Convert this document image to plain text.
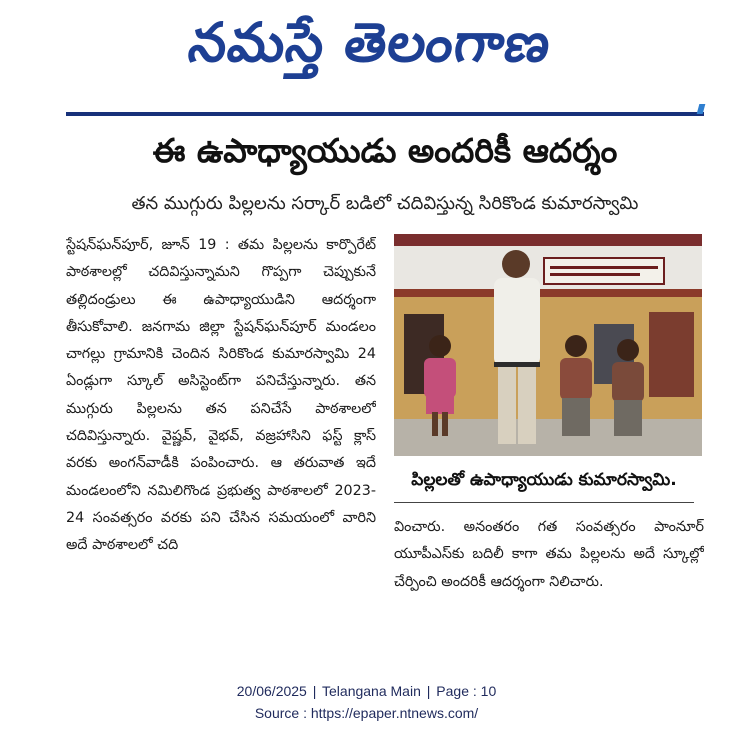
నమస్తే తెలంగాణ
ఈ ఉపాధ్యాయుడు అందరికీ ఆదర్శం
తన ముగ్గురు పిల్లలను సర్కార్ బడిలో చదివిస్తున్న సిరికొండ కుమారస్వామి

స్టేషన్‌ఘన్‌పూర్, జూన్ 19 : తమ పిల్లలను కార్పొరేట్ పాఠశాలల్లో చదివిస్తున్నామని గొప్పగా చెప్పుకునే తల్లిదండ్రులు ఈ ఉపాధ్యాయుడిని ఆదర్శంగా తీసుకోవాలి. జనగామ జిల్లా స్టేషన్‌ఘన్‌పూర్ మండలం చాగల్లు గ్రామానికి చెందిన సిరికొండ కుమారస్వామి 24 ఏండ్లుగా స్కూల్ అసిస్టెంట్‌గా పనిచేస్తున్నారు. తన ముగ్గురు పిల్లలను తన పనిచేసే పాఠశాలలో చదివిస్తున్నారు. వైష్ణవ్, వైభవ్, వజ్రహాసిని ఫస్ట్ క్లాస్ వరకు అంగన్‌వాడీకి పంపించారు. ఆ తరువాత ఇదే మండలంలోని నమిలిగొండ ప్రభుత్వ పాఠశాలలో 2023-24 సంవత్సరం వరకు పని చేసిన సమయంలో వారిని అదే పాఠశాలలో చది

పిల్లలతో ఉపాధ్యాయుడు కుమారస్వామి.

వించారు. అనంతరం గత సంవత్సరం పాంనూర్ యూపీఎస్‌కు బదిలీ కాగా తమ పిల్లలను అదే స్కూల్లో చేర్పించి అందరికీ ఆదర్శంగా నిలిచారు.

20/06/2025 | Telangana Main | Page : 10
Source : https://epaper.ntnews.com/
